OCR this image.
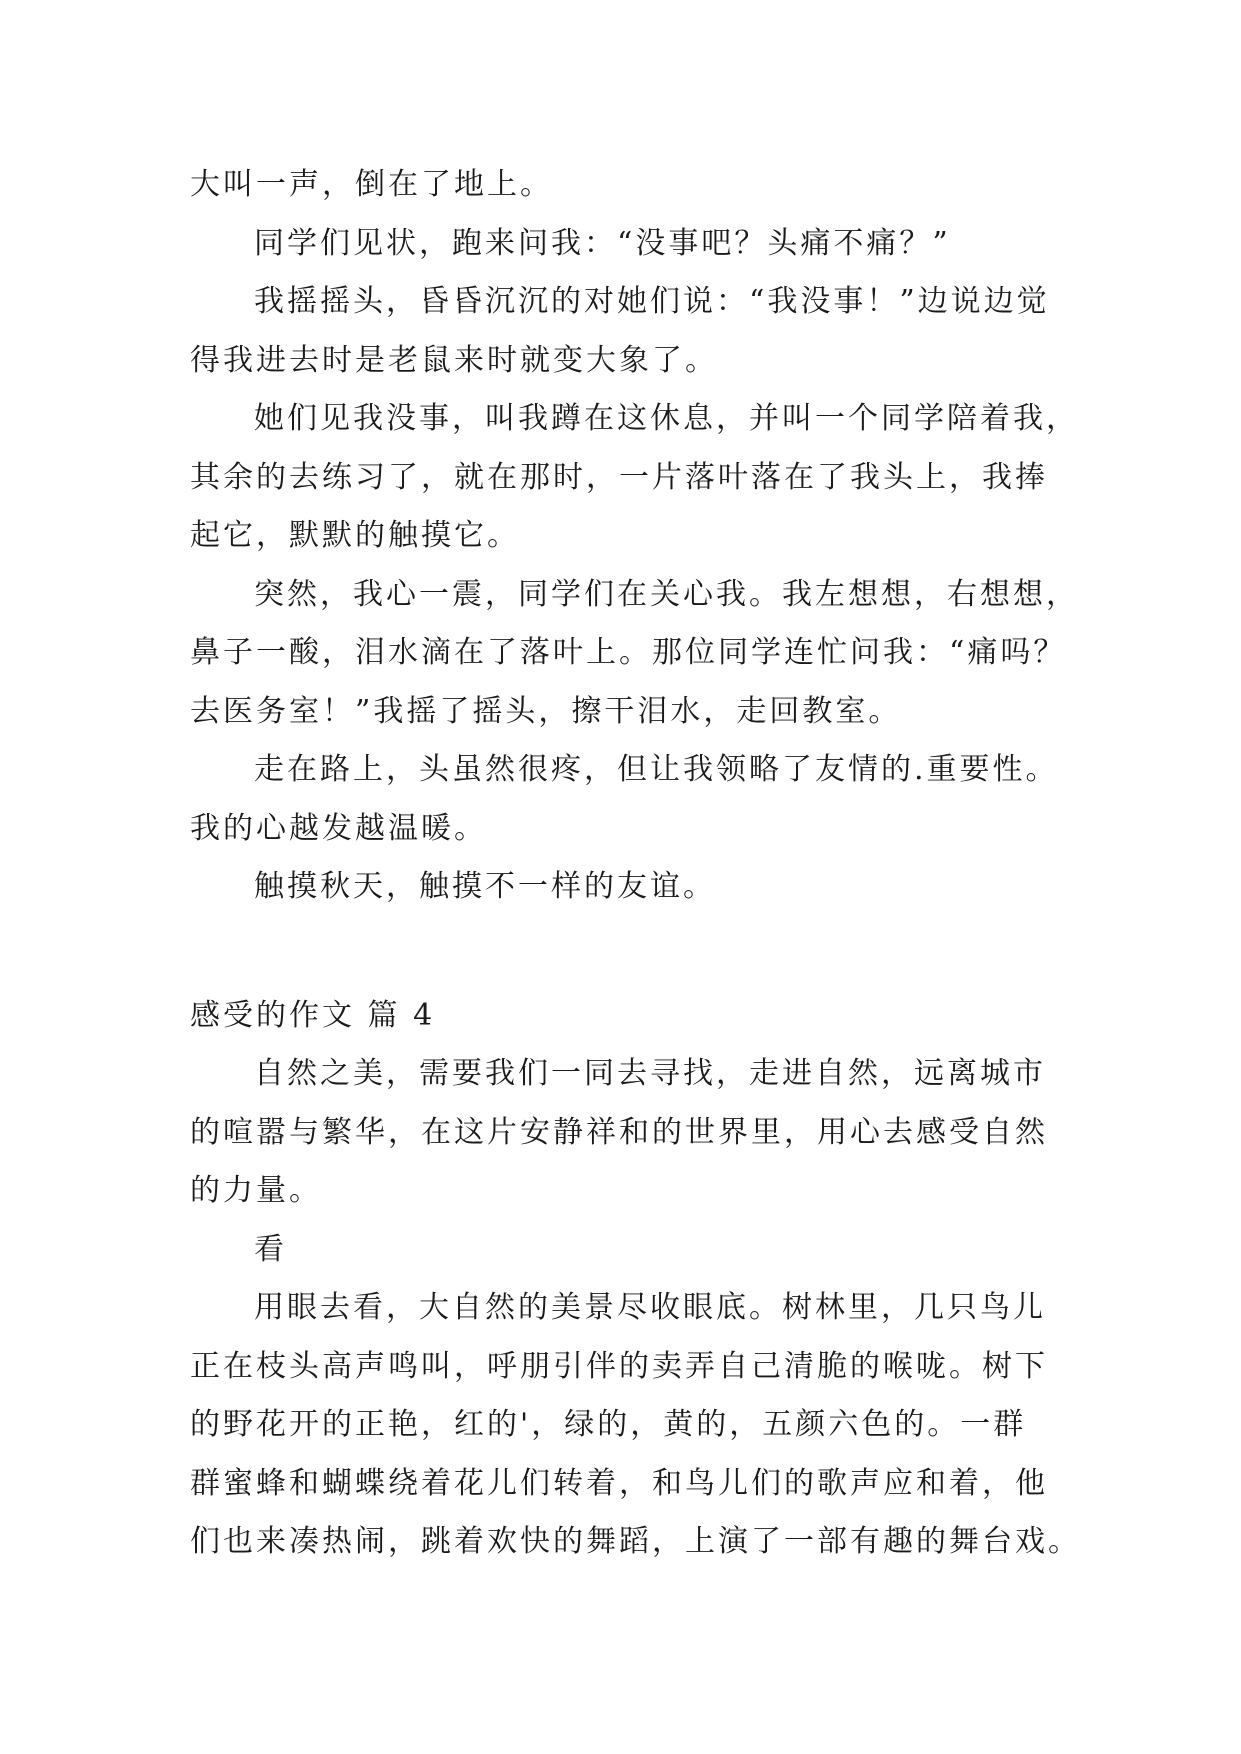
大叫一声，倒在了地上。

同学们见状，跑来问我：“没事吧？头痛不痛？”

我摇摇头，昏昏沉沉的对她们说：“我没事！”边说边觉

得我进去时是老鼠来时就变大象了。

她们见我没事，叫我蹲在这休息，并叫一个同学陪着我，

其余的去练习了，就在那时，一片落叶落在了我头上，我捧

起它，默默的触摸它。

突然，我心一震，同学们在关心我。我左想想，右想想，

鼻子一酸，泪水滴在了落叶上。那位同学连忙问我：“痛吗？

去医务室！”我摇了摇头，擦干泪水，走回教室。

走在路上，头虽然很疼，但让我领略了友情的.重要性。

我的心越发越温暖。

触摸秋天，触摸不一样的友谊。

感受的作文 篇 4

自然之美，需要我们一同去寻找，走进自然，远离城市

的喧嚣与繁华，在这片安静祥和的世界里，用心去感受自然

的力量。

看

用眼去看，大自然的美景尽收眼底。树林里，几只鸟儿

正在枝头高声鸣叫，呼朋引伴的卖弄自己清脆的喉咙。树下

的野花开的正艳，红的'，绿的，黄的，五颜六色的。一群

群蜜蜂和蝴蝶绕着花儿们转着，和鸟儿们的歌声应和着，他

们也来凑热闹，跳着欢快的舞蹈，上演了一部有趣的舞台戏。
